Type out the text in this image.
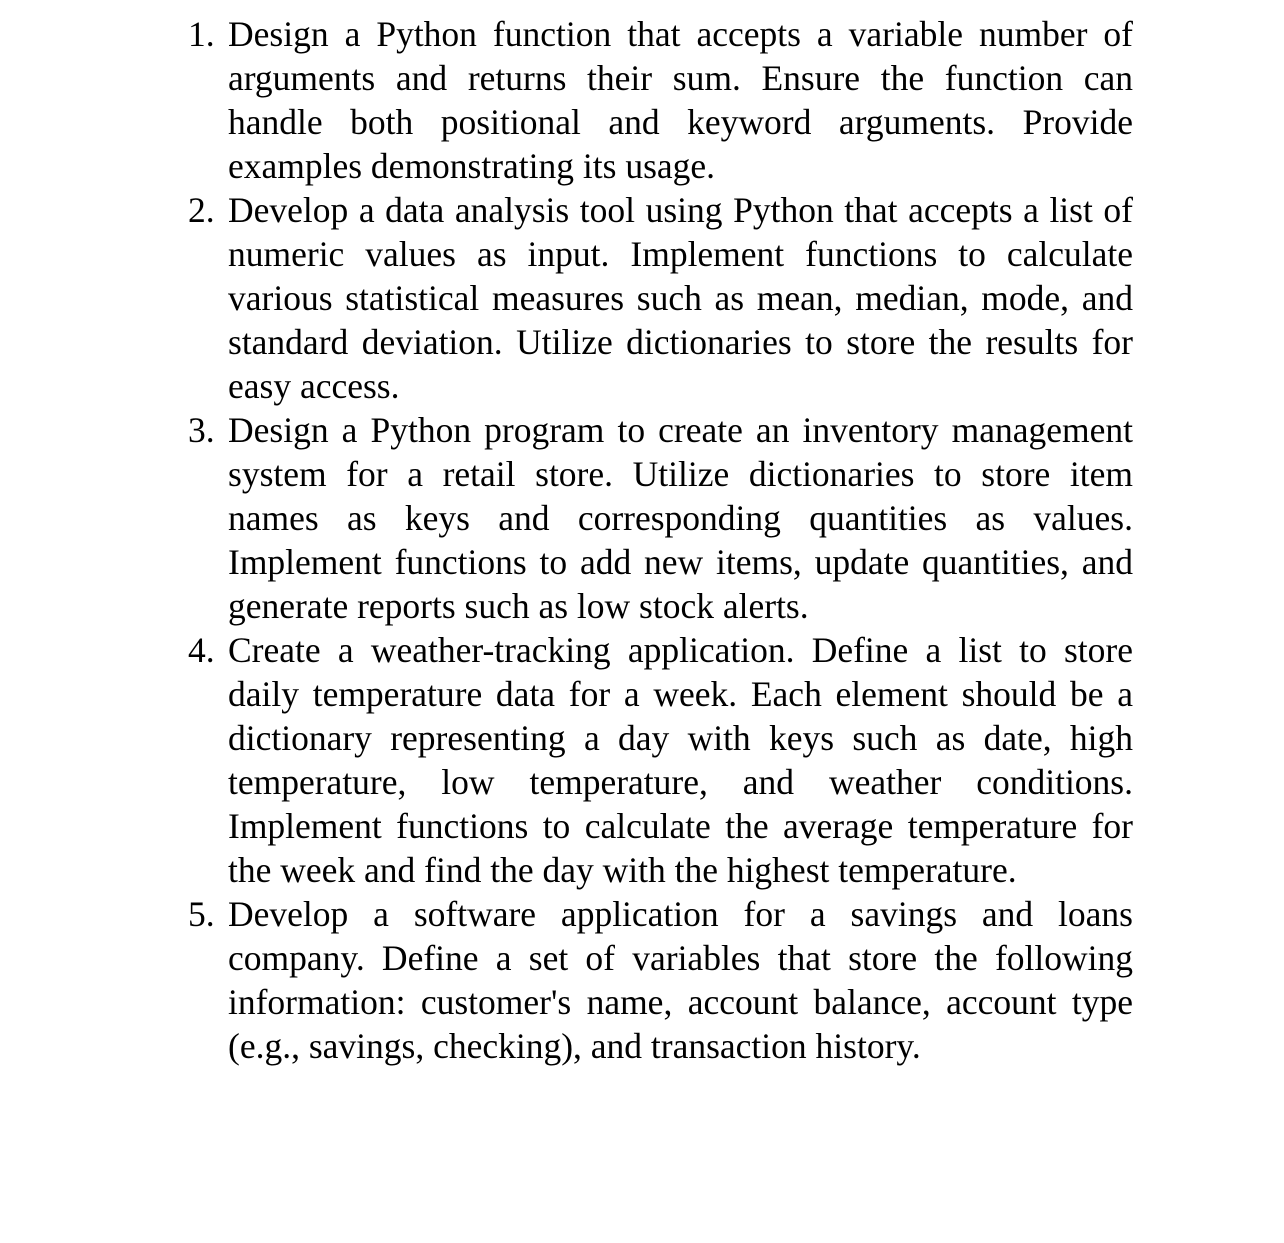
1. Design a Python function that accepts a variable number of arguments and returns their sum. Ensure the function can handle both positional and keyword arguments. Provide examples demonstrating its usage.
2. Develop a data analysis tool using Python that accepts a list of numeric values as input. Implement functions to calculate various statistical measures such as mean, median, mode, and standard deviation. Utilize dictionaries to store the results for easy access.
3. Design a Python program to create an inventory management system for a retail store. Utilize dictionaries to store item names as keys and corresponding quantities as values. Implement functions to add new items, update quantities, and generate reports such as low stock alerts.
4. Create a weather-tracking application. Define a list to store daily temperature data for a week. Each element should be a dictionary representing a day with keys such as date, high temperature, low temperature, and weather conditions. Implement functions to calculate the average temperature for the week and find the day with the highest temperature.
5. Develop a software application for a savings and loans company. Define a set of variables that store the following information: customer's name, account balance, account type (e.g., savings, checking), and transaction history.
